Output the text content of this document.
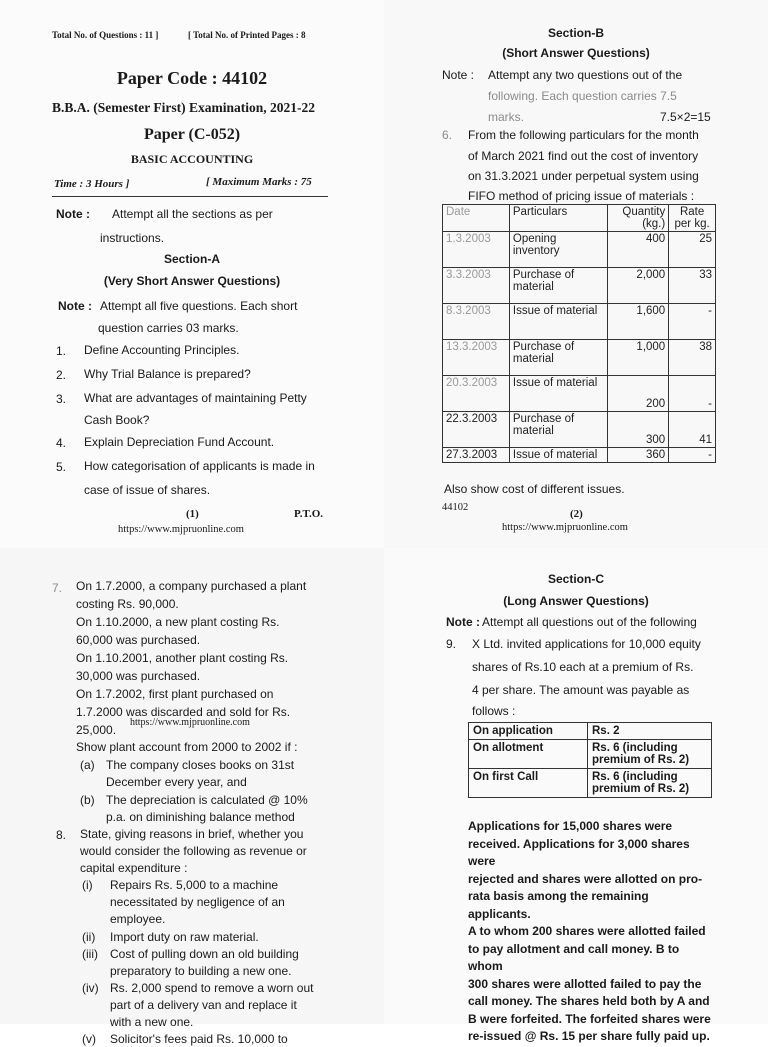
Total No. of Questions : 11 ]	[ Total No. of Printed Pages : 8
Paper Code : 44102
B.B.A. (Semester First) Examination, 2021-22
Paper (C-052)
BASIC ACCOUNTING
Time : 3 Hours ]	[ Maximum Marks : 75
Note : Attempt all the sections as per
instructions.
Section-A
(Very Short Answer Questions)
Note : Attempt all five questions. Each short
question carries 03 marks.
1. Define Accounting Principles.
2. Why Trial Balance is prepared?
3. What are advantages of maintaining Petty
Cash Book?
4. Explain Depreciation Fund Account.
5. How categorisation of applicants is made in
case of issue of shares.
(1)	P.T.O.
https://www.mjpruonline.com
Section-B
(Short Answer Questions)
Note : Attempt any two questions out of the
following. Each question carries 7.5
marks.	7.5×2=15
6. From the following particulars for the month
of March 2021 find out the cost of inventory
on 31.3.2021 under perpetual system using
FIFO method of pricing issue of materials :
Date	Particulars	Quantity (kg.)	Rate per kg.
1.3.2003	Opening inventory	400	25
3.3.2003	Purchase of material	2,000	33
8.3.2003	Issue of material	1,600	-
13.3.2003	Purchase of material	1,000	38
20.3.2003	Issue of material	200	-
22.3.2003	Purchase of material	300	41
27.3.2003	Issue of material	360	-
Also show cost of different issues.
44102
(2)
https://www.mjpruonline.com
7. On 1.7.2000, a company purchased a plant
costing Rs. 90,000.
On 1.10.2000, a new plant costing Rs.
60,000 was purchased.
On 1.10.2001, another plant costing Rs.
30,000 was purchased.
On 1.7.2002, first plant purchased on
1.7.2000 was discarded and sold for Rs.
25,000.
https://www.mjpruonline.com
Show plant account from 2000 to 2002 if :
(a) The company closes books on 31st
December every year, and
(b) The depreciation is calculated @ 10%
p.a. on diminishing balance method
8. State, giving reasons in brief, whether you
would consider the following as revenue or
capital expenditure :
(i) Repairs Rs. 5,000 to a machine
necessitated by negligence of an
employee.
(ii) Import duty on raw material.
(iii) Cost of pulling down an old building
preparatory to building a new one.
(iv) Rs. 2,000 spend to remove a worn out
part of a delivery van and replace it
with a new one.
(v) Solicitor's fees paid Rs. 10,000 to
Section-C
(Long Answer Questions)
Note : Attempt all questions out of the following
9. X Ltd. invited applications for 10,000 equity
shares of Rs.10 each at a premium of Rs.
4 per share. The amount was payable as
follows :
On application	Rs. 2
On allotment	Rs. 6 (including
premium of Rs. 2)

On first Call	Rs. 6 (including
premium of Rs. 2)
Applications for 15,000 shares were
received. Applications for 3,000 shares were
rejected and shares were allotted on pro-
rata basis among the remaining applicants.
A to whom 200 shares were allotted failed
to pay allotment and call money. B to whom
300 shares were allotted failed to pay the
call money. The shares held both by A and
B were forfeited. The forfeited shares were
re-issued @ Rs. 15 per share fully paid up.
